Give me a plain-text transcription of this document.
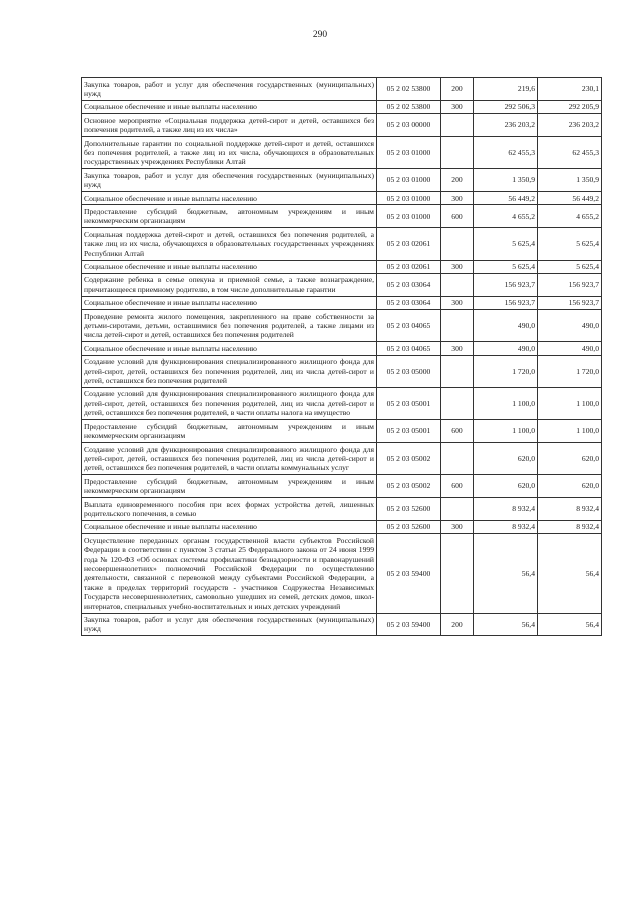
290
Закупка товаров, работ и услуг для обеспечения государственных (муниципальных) нужд	05 2 02 53800	200	219,6	230,1
Социальное обеспечение и иные выплаты населению	05 2 02 53800	300	292 506,3	292 205,9
Основное мероприятие «Социальная поддержка детей-сирот и детей, оставшихся без попечения родителей, а также лиц из их числа»	05 2 03 00000		236 203,2	236 203,2
Дополнительные гарантии по социальной поддержке детей-сирот и детей, оставшихся без попечения родителей, а также лиц из их числа, обучающихся в образовательных государственных учреждениях Республики Алтай	05 2 03 01000		62 455,3	62 455,3
Закупка товаров, работ и услуг для обеспечения государственных (муниципальных) нужд	05 2 03 01000	200	1 350,9	1 350,9
Социальное обеспечение и иные выплаты населению	05 2 03 01000	300	56 449,2	56 449,2
Предоставление субсидий бюджетным, автономным учреждениям и иным некоммерческим организациям	05 2 03 01000	600	4 655,2	4 655,2
Социальная поддержка детей-сирот и детей, оставшихся без попечения родителей, а также лиц из их числа, обучающихся в образовательных государственных учреждениях Республики Алтай	05 2 03 02061		5 625,4	5 625,4
Социальное обеспечение и иные выплаты населению	05 2 03 02061	300	5 625,4	5 625,4
Содержание ребенка в семье опекуна и приемной семье, а также вознаграждение, причитающееся приемному родителю, в том числе дополнительные гарантии	05 2 03 03064		156 923,7	156 923,7
Социальное обеспечение и иные выплаты населению	05 2 03 03064	300	156 923,7	156 923,7
Проведение ремонта жилого помещения, закрепленного на праве собственности за детьми-сиротами, детьми, оставшимися без попечения родителей, а также лицами из числа детей-сирот и детей, оставшихся без попечения родителей	05 2 03 04065		490,0	490,0
Социальное обеспечение и иные выплаты населению	05 2 03 04065	300	490,0	490,0
Создание условий для функционирования специализированного жилищного фонда для детей-сирот, детей, оставшихся без попечения родителей, лиц из числа детей-сирот и детей, оставшихся без попечения родителей	05 2 03 05000		1 720,0	1 720,0
Создание условий для функционирования специализированного жилищного фонда для детей-сирот, детей, оставшихся без попечения родителей, лиц из числа детей-сирот и детей, оставшихся без попечения родителей, в части оплаты налога на имущество	05 2 03 05001		1 100,0	1 100,0
Предоставление субсидий бюджетным, автономным учреждениям и иным некоммерческим организациям	05 2 03 05001	600	1 100,0	1 100,0
Создание условий для функционирования специализированного жилищного фонда для детей-сирот, детей, оставшихся без попечения родителей, лиц из числа детей-сирот и детей, оставшихся без попечения родителей, в части оплаты коммунальных услуг	05 2 03 05002		620,0	620,0
Предоставление субсидий бюджетным, автономным учреждениям и иным некоммерческим организациям	05 2 03 05002	600	620,0	620,0
Выплата единовременного пособия при всех формах устройства детей, лишенных родительского попечения, в семью	05 2 03 52600		8 932,4	8 932,4
Социальное обеспечение и иные выплаты населению	05 2 03 52600	300	8 932,4	8 932,4
Осуществление переданных органам государственной власти субъектов Российской Федерации в соответствии с пунктом 3 статьи 25 Федерального закона от 24 июня 1999 года № 120-ФЗ «Об основах системы профилактики безнадзорности и правонарушений несовершеннолетних» полномочий Российской Федерации по осуществлению деятельности, связанной с перевозкой между субъектами Российской Федерации, а также в пределах территорий государств - участников Содружества Независимых Государств несовершеннолетних, самовольно ушедших из семей, детских домов, школ-интернатов, специальных учебно-воспитательных и иных детских учреждений	05 2 03 59400		56,4	56,4
Закупка товаров, работ и услуг для обеспечения государственных (муниципальных) нужд	05 2 03 59400	200	56,4	56,4
